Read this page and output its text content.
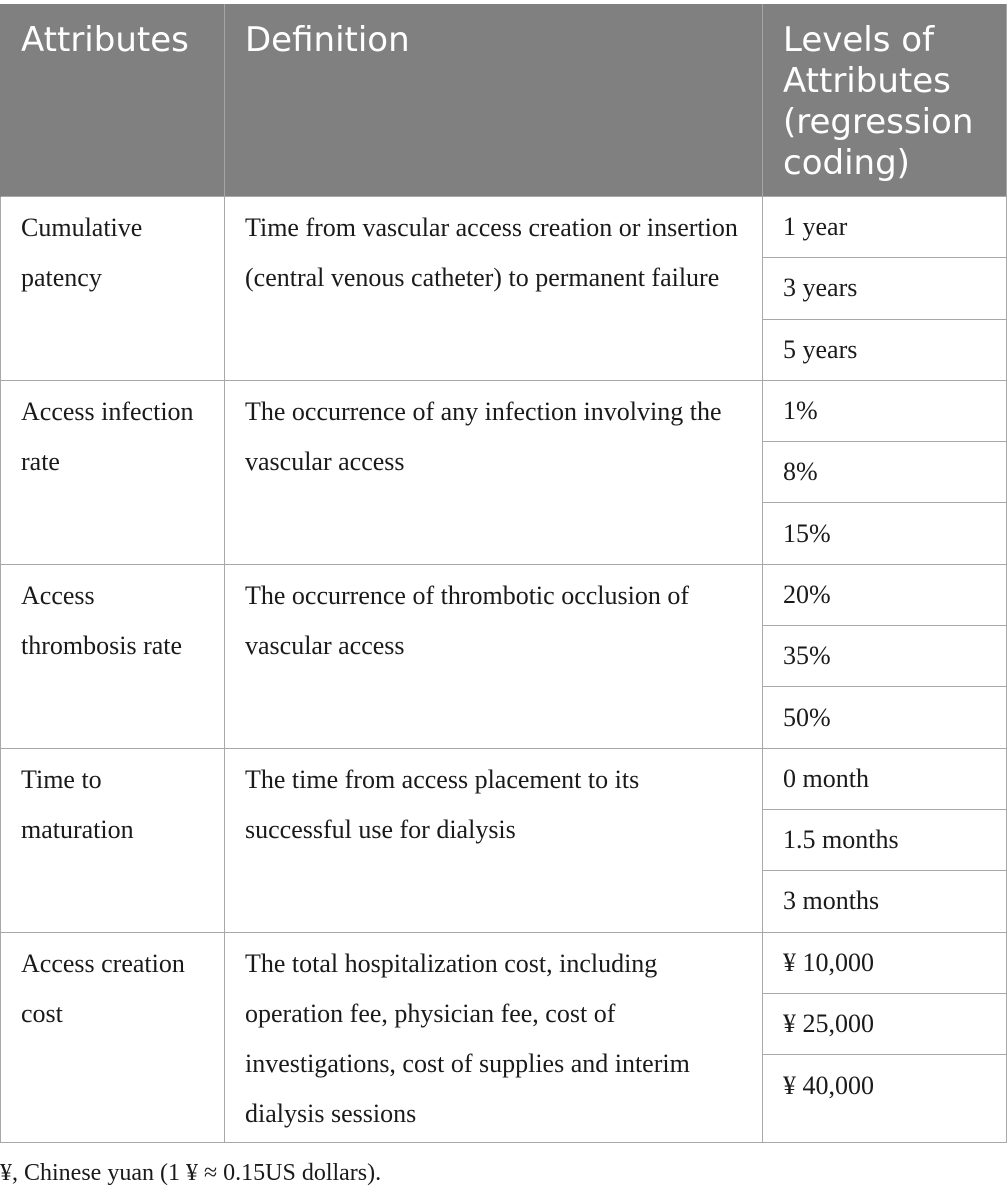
Attributes	Definition	Levels of Attributes (regression coding)
Cumulative patency	Time from vascular access creation or insertion (central venous catheter) to permanent failure	1 year
		3 years
		5 years
Access infection rate	The occurrence of any infection involving the vascular access	1%
		8%
		15%
Access thrombosis rate	The occurrence of thrombotic occlusion of vascular access	20%
		35%
		50%
Time to maturation	The time from access placement to its successful use for dialysis	0 month
		1.5 months
		3 months
Access creation cost	The total hospitalization cost, including operation fee, physician fee, cost of investigations, cost of supplies and interim dialysis sessions	¥ 10,000
		¥ 25,000
		¥ 40,000
¥, Chinese yuan (1 ¥ ≈ 0.15US dollars).
